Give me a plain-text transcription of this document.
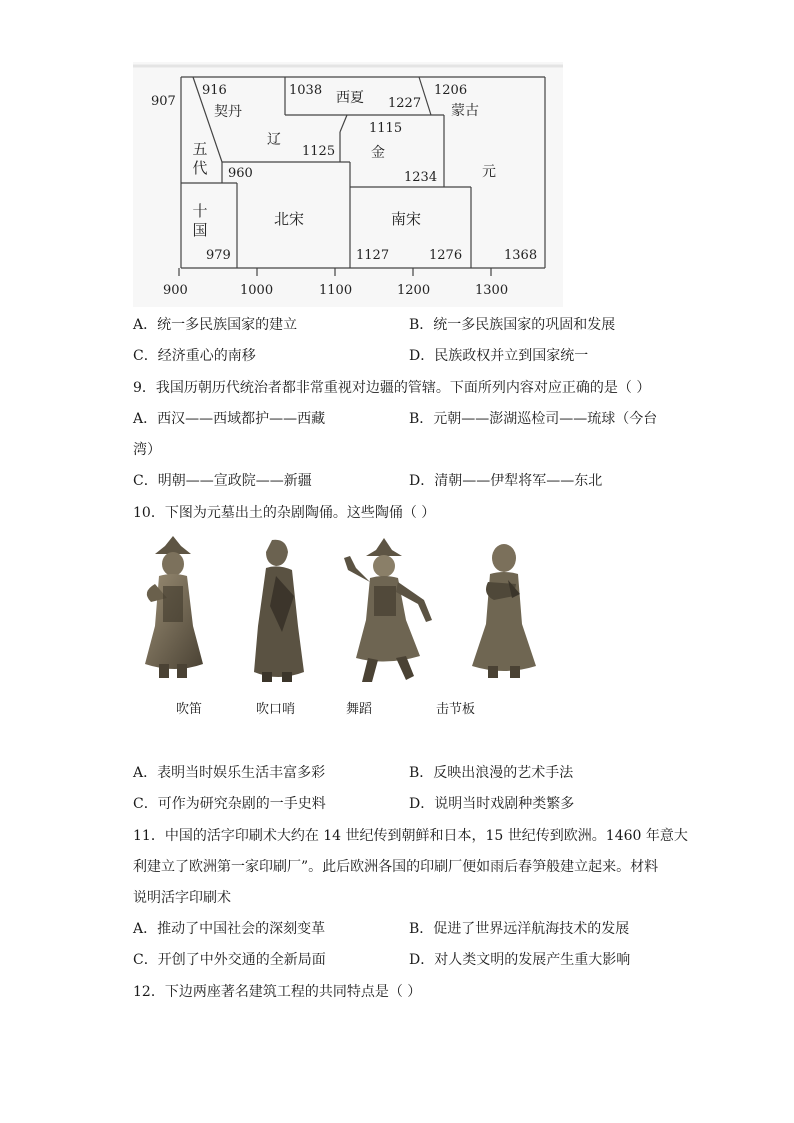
907
916
契丹
1038 西夏 1227
1206
蒙古
辽
1115
1125	金
五代 960	1234	元
十国
北宋	南宋
979	1127	1276	1368
900	1000	1100	1200	1300
A．统一多民族国家的建立	B．统一多民族国家的巩固和发展
C．经济重心的南移	D．民族政权并立到国家统一
9．我国历朝历代统治者都非常重视对边疆的管辖。下面所列内容对应正确的是（ ）
A．西汉——西域都护——西藏	B．元朝——澎湖巡检司——琉球（今台
湾）
C．明朝——宣政院——新疆	D．清朝——伊犁将军——东北
10．下图为元墓出土的杂剧陶俑。这些陶俑（ ）
吹笛	吹口哨	舞蹈	击节板
A．表明当时娱乐生活丰富多彩	B．反映出浪漫的艺术手法
C．可作为研究杂剧的一手史料	D．说明当时戏剧种类繁多
11．中国的活字印刷术大约在 14 世纪传到朝鲜和日本，15 世纪传到欧洲。1460 年意大
利建立了欧洲第一家印刷厂”。此后欧洲各国的印刷厂便如雨后春笋般建立起来。材料
说明活字印刷术
A．推动了中国社会的深刻变革	B．促进了世界远洋航海技术的发展
C．开创了中外交通的全新局面	D．对人类文明的发展产生重大影响
12．下边两座著名建筑工程的共同特点是（ ）
